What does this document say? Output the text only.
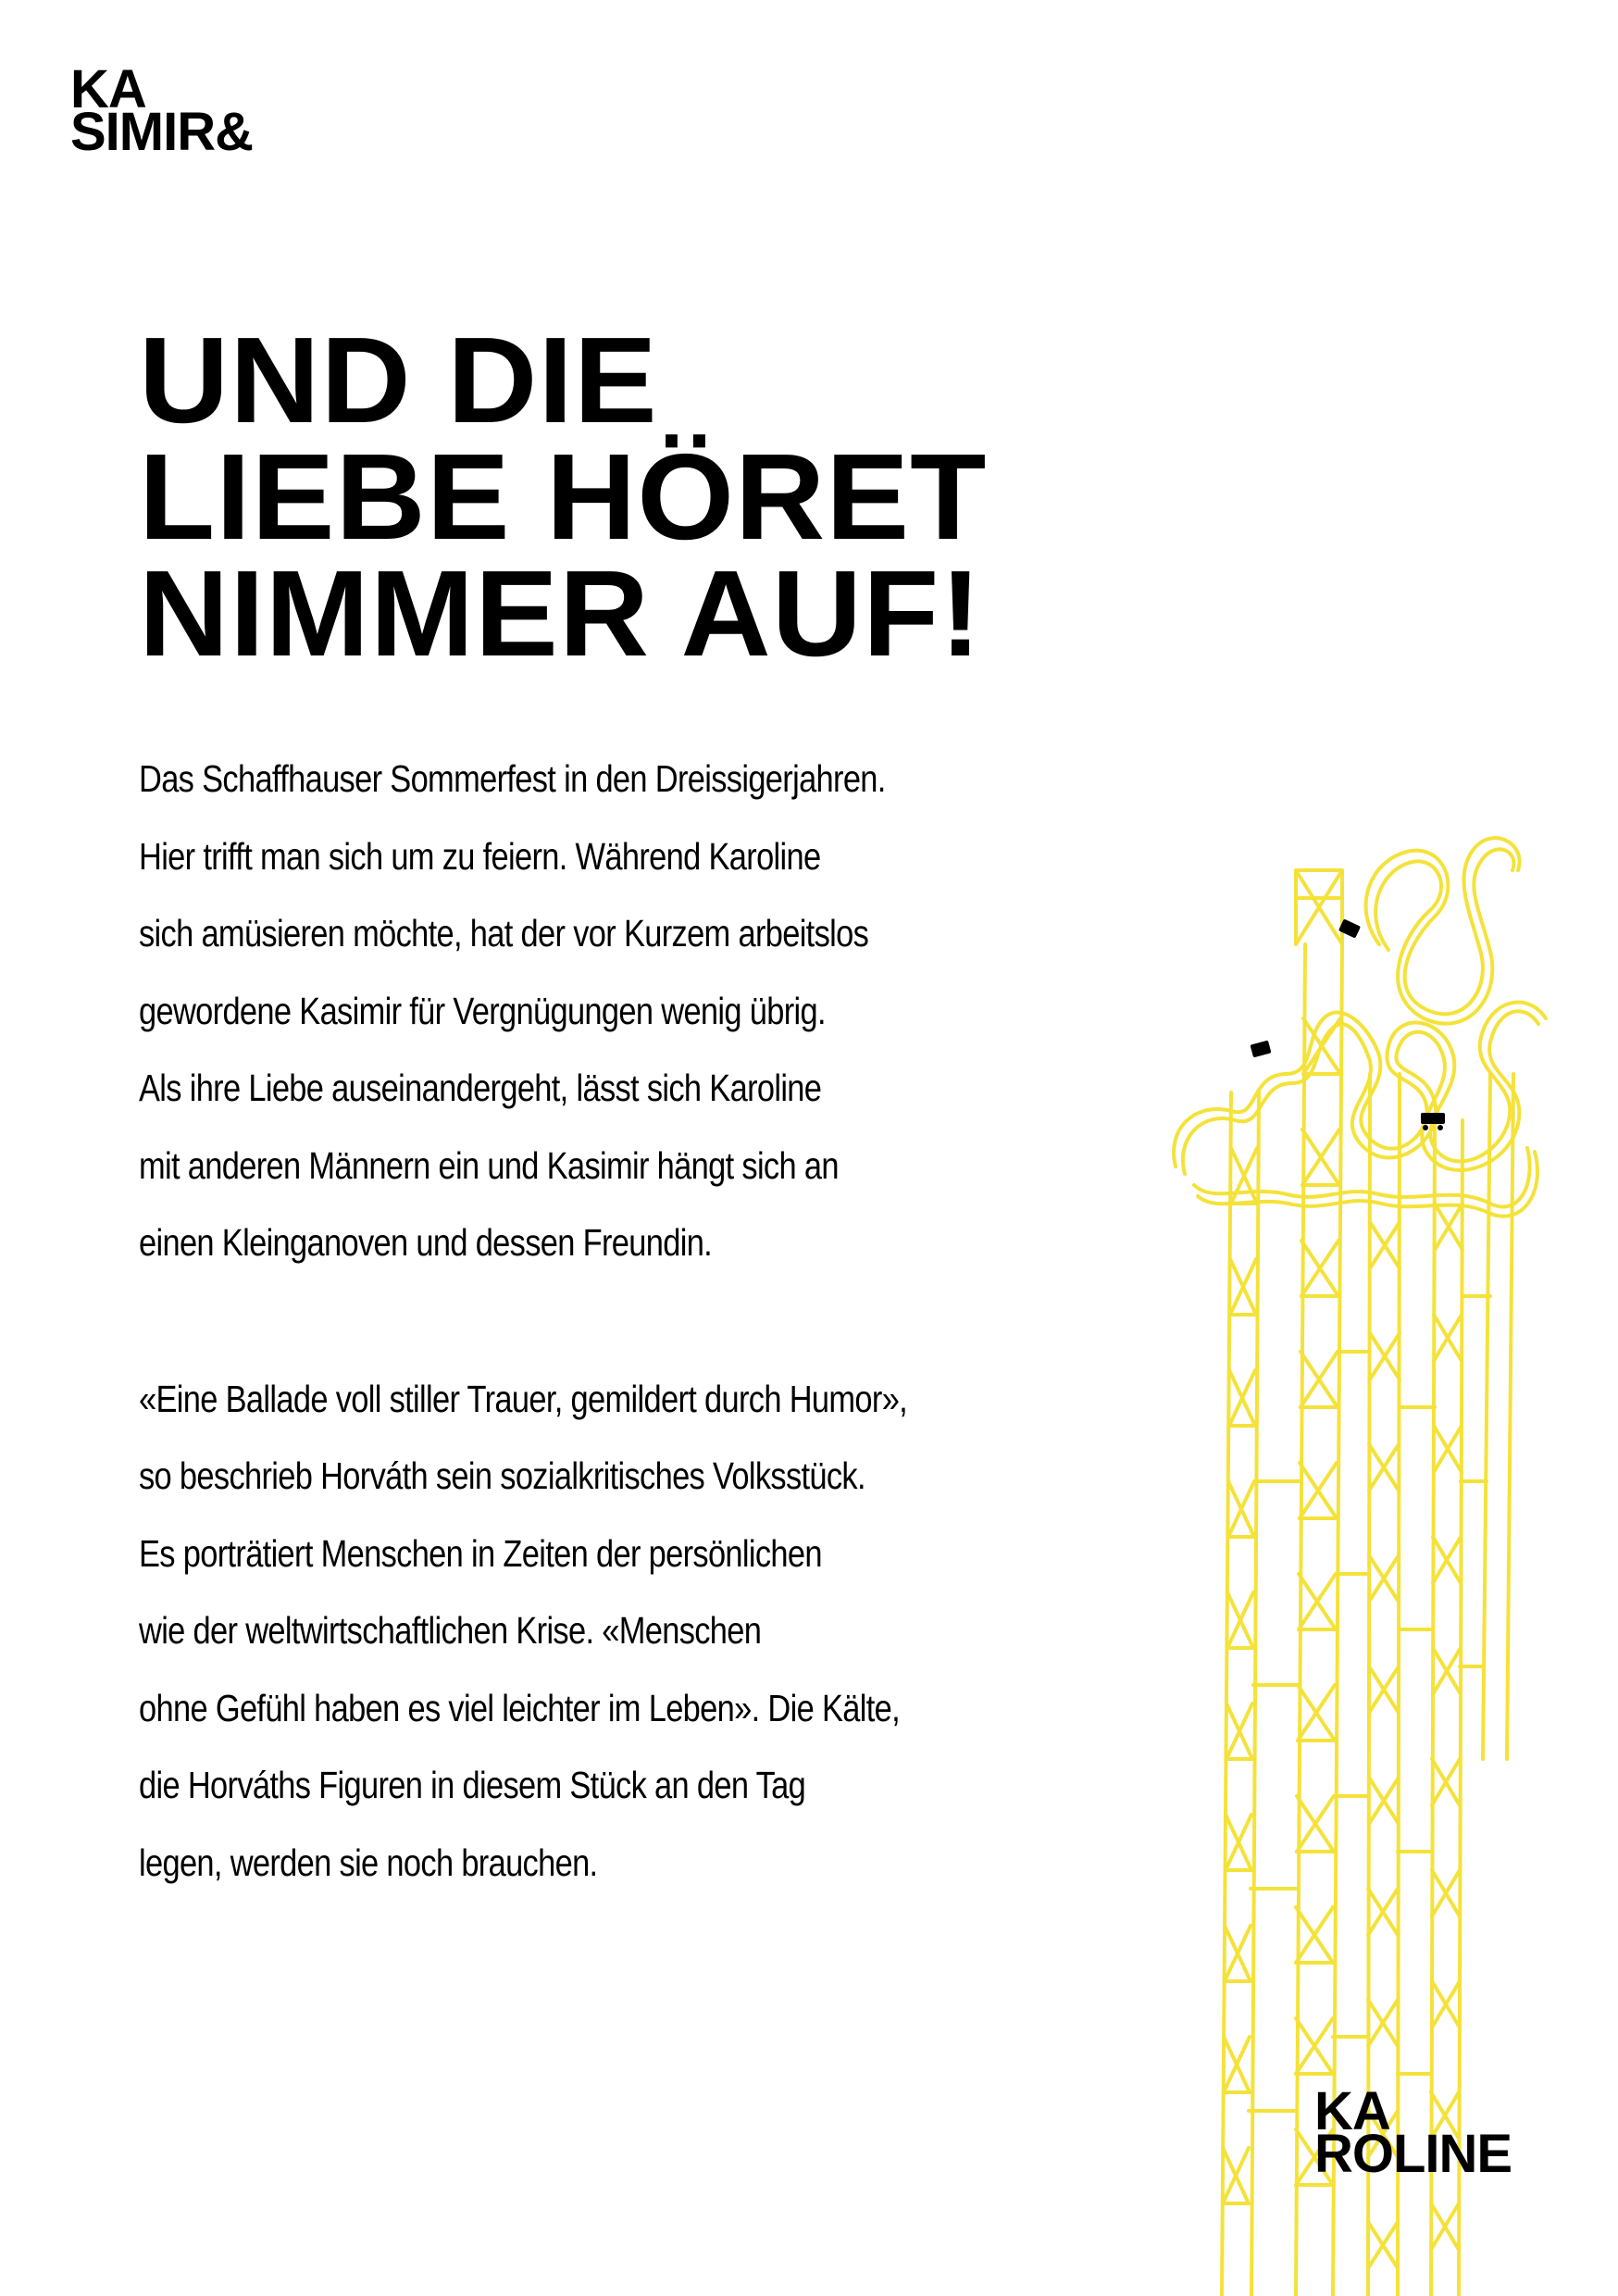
KA
SIMIR&
UND DIE
LIEBE HÖRET
NIMMER AUF!

Das Schaffhauser Sommerfest in den Dreissigerjahren.
Hier trifft man sich um zu feiern. Während Karoline
sich amüsieren möchte, hat der vor Kurzem arbeitslos
gewordene Kasimir für Vergnügungen wenig übrig.
Als ihre Liebe auseinandergeht, lässt sich Karoline
mit anderen Männern ein und Kasimir hängt sich an
einen Kleinganoven und dessen Freundin.

«Eine Ballade voll stiller Trauer, gemildert durch Humor»,
so beschrieb Horváth sein sozialkritisches Volksstück.
Es porträtiert Menschen in Zeiten der persönlichen
wie der weltwirtschaftlichen Krise. «Menschen
ohne Gefühl haben es viel leichter im Leben». Die Kälte,
die Horváths Figuren in diesem Stück an den Tag
legen, werden sie noch brauchen.

KA
ROLINE
